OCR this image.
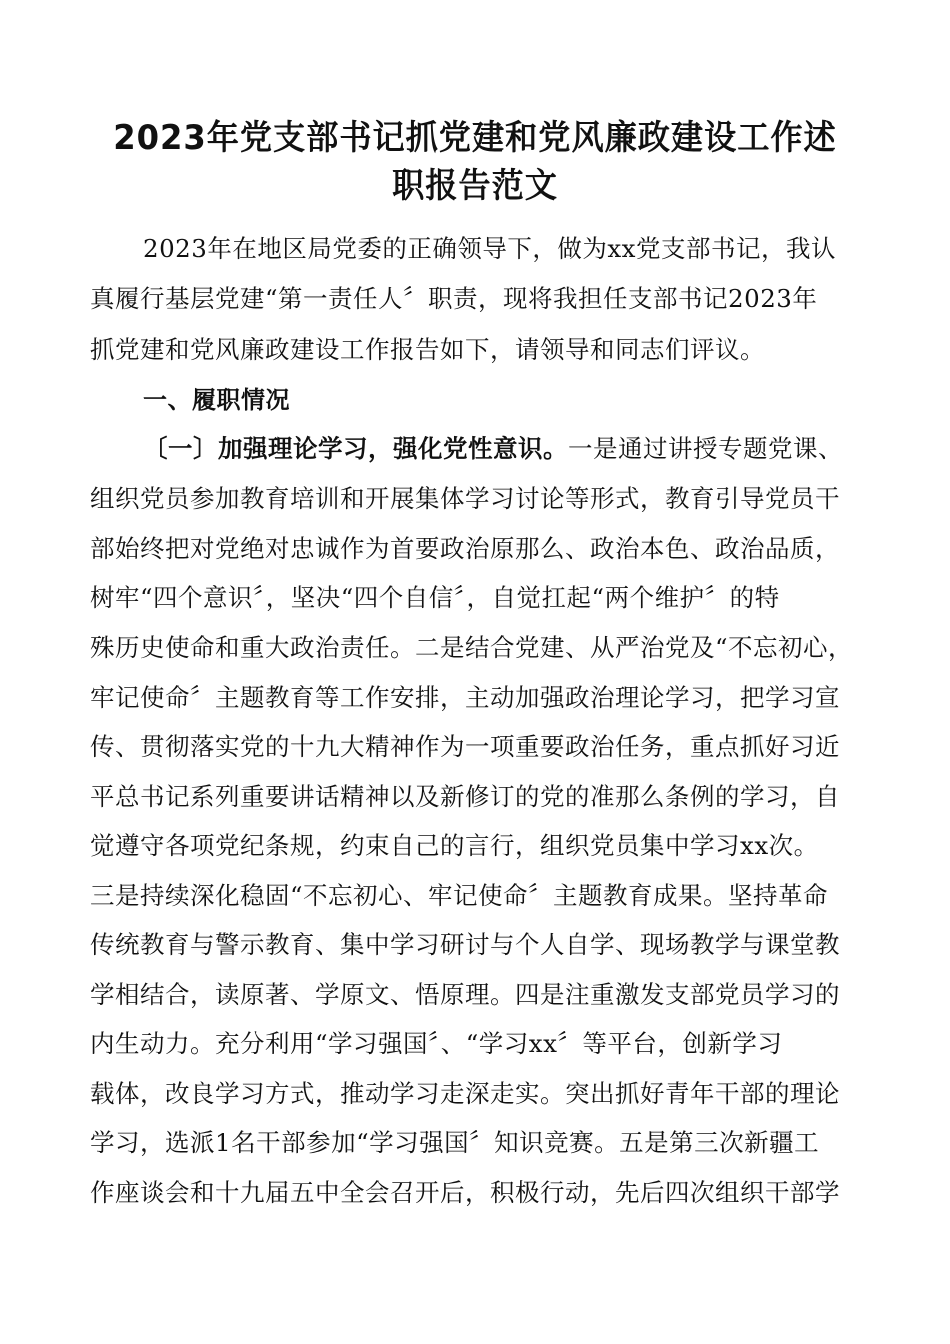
2023年党支部书记抓党建和党风廉政建设工作述
职报告范文
2023年在地区局党委的正确领导下，做为xx党支部书记，我认
真履行基层党建“第一责任人〞职责，现将我担任支部书记2023年
抓党建和党风廉政建设工作报告如下，请领导和同志们评议。
一、履职情况
〔一〕加强理论学习，强化党性意识。一是通过讲授专题党课、
组织党员参加教育培训和开展集体学习讨论等形式，教育引导党员干
部始终把对党绝对忠诚作为首要政治原那么、政治本色、政治品质，
树牢“四个意识〞，坚决“四个自信〞，自觉扛起“两个维护〞的特
殊历史使命和重大政治责任。二是结合党建、从严治党及“不忘初心，
牢记使命〞主题教育等工作安排，主动加强政治理论学习，把学习宣
传、贯彻落实党的十九大精神作为一项重要政治任务，重点抓好习近
平总书记系列重要讲话精神以及新修订的党的准那么条例的学习，自
觉遵守各项党纪条规，约束自己的言行，组织党员集中学习xx次。
三是持续深化稳固“不忘初心、牢记使命〞主题教育成果。坚持革命
传统教育与警示教育、集中学习研讨与个人自学、现场教学与课堂教
学相结合，读原著、学原文、悟原理。四是注重激发支部党员学习的
内生动力。充分利用“学习强国〞、“学习xx〞等平台，创新学习
载体，改良学习方式，推动学习走深走实。突出抓好青年干部的理论
学习，选派1名干部参加“学习强国〞知识竞赛。五是第三次新疆工
作座谈会和十九届五中全会召开后，积极行动，先后四次组织干部学
